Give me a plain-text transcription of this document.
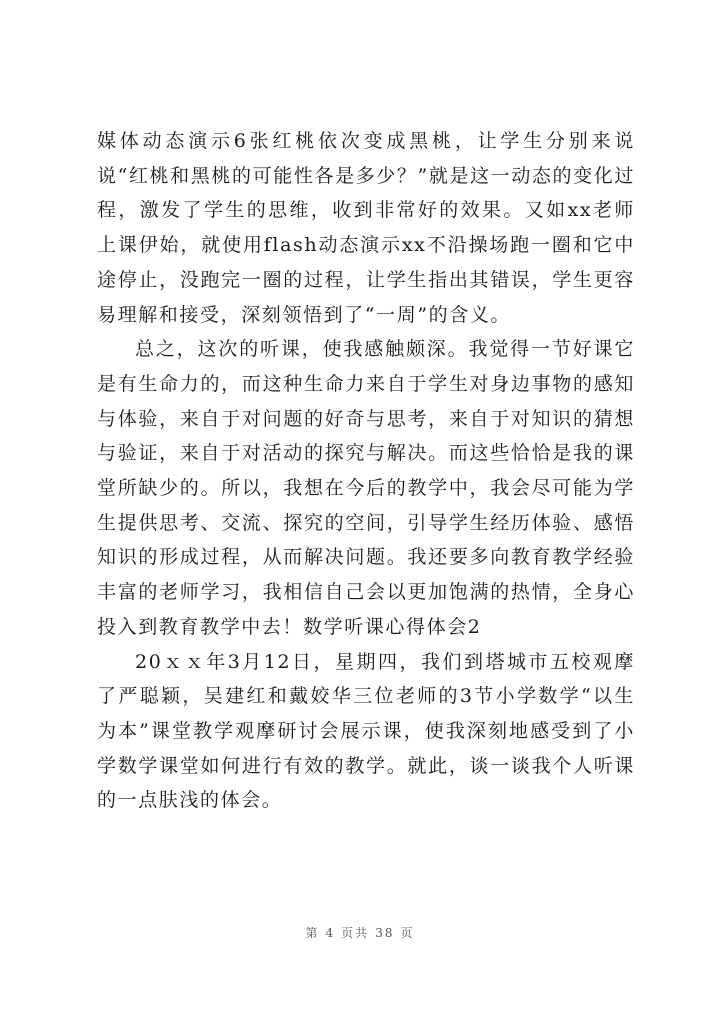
媒体动态演示6张红桃依次变成黑桃，让学生分别来说说“红桃和黑桃的可能性各是多少？”就是这一动态的变化过程，激发了学生的思维，收到非常好的效果。又如xx老师上课伊始，就使用flash动态演示xx不沿操场跑一圈和它中途停止，没跑完一圈的过程，让学生指出其错误，学生更容易理解和接受，深刻领悟到了“一周”的含义。

总之，这次的听课，使我感触颇深。我觉得一节好课它是有生命力的，而这种生命力来自于学生对身边事物的感知与体验，来自于对问题的好奇与思考，来自于对知识的猜想与验证，来自于对活动的探究与解决。而这些恰恰是我的课堂所缺少的。所以，我想在今后的教学中，我会尽可能为学生提供思考、交流、探究的空间，引导学生经历体验、感悟知识的形成过程，从而解决问题。我还要多向教育教学经验丰富的老师学习，我相信自己会以更加饱满的热情，全身心投入到教育教学中去！数学听课心得体会2

20ｘｘ年3月12日，星期四，我们到塔城市五校观摩了严聪颖，吴建红和戴姣华三位老师的3节小学数学“以生为本”课堂教学观摩研讨会展示课，使我深刻地感受到了小学数学课堂如何进行有效的教学。就此，谈一谈我个人听课的一点肤浅的体会。

第 4 页共 38 页
